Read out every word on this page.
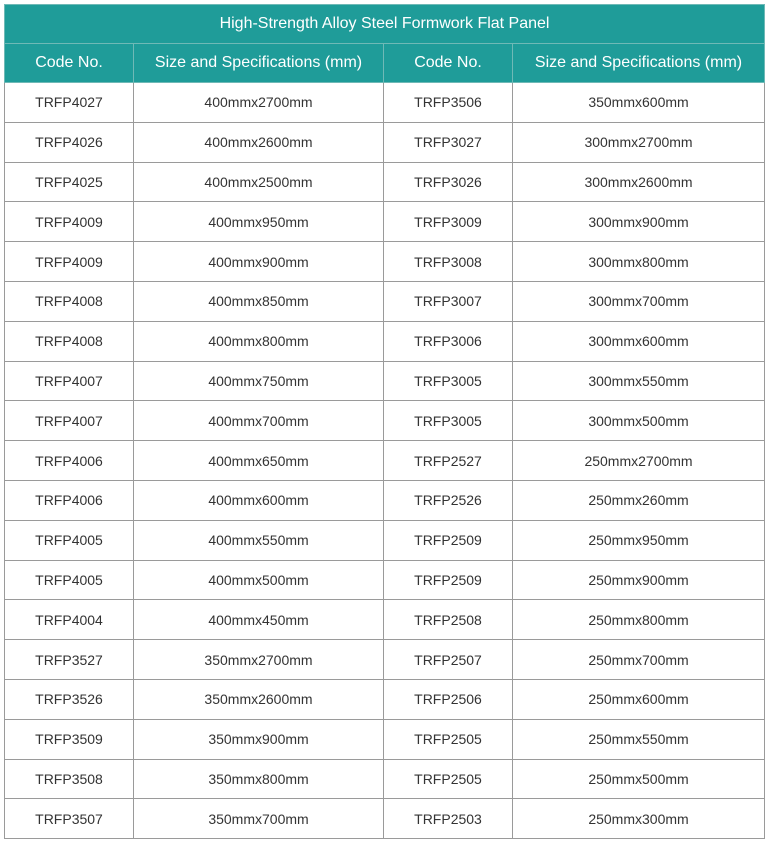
High-Strength Alloy Steel Formwork Flat Panel			
Code No.	Size and Specifications (mm)	Code No.	Size and Specifications (mm)
TRFP4027	400mmx2700mm	TRFP3506	350mmx600mm
TRFP4026	400mmx2600mm	TRFP3027	300mmx2700mm
TRFP4025	400mmx2500mm	TRFP3026	300mmx2600mm
TRFP4009	400mmx950mm	TRFP3009	300mmx900mm
TRFP4009	400mmx900mm	TRFP3008	300mmx800mm
TRFP4008	400mmx850mm	TRFP3007	300mmx700mm
TRFP4008	400mmx800mm	TRFP3006	300mmx600mm
TRFP4007	400mmx750mm	TRFP3005	300mmx550mm
TRFP4007	400mmx700mm	TRFP3005	300mmx500mm
TRFP4006	400mmx650mm	TRFP2527	250mmx2700mm
TRFP4006	400mmx600mm	TRFP2526	250mmx260mm
TRFP4005	400mmx550mm	TRFP2509	250mmx950mm
TRFP4005	400mmx500mm	TRFP2509	250mmx900mm
TRFP4004	400mmx450mm	TRFP2508	250mmx800mm
TRFP3527	350mmx2700mm	TRFP2507	250mmx700mm
TRFP3526	350mmx2600mm	TRFP2506	250mmx600mm
TRFP3509	350mmx900mm	TRFP2505	250mmx550mm
TRFP3508	350mmx800mm	TRFP2505	250mmx500mm
TRFP3507	350mmx700mm	TRFP2503	250mmx300mm
